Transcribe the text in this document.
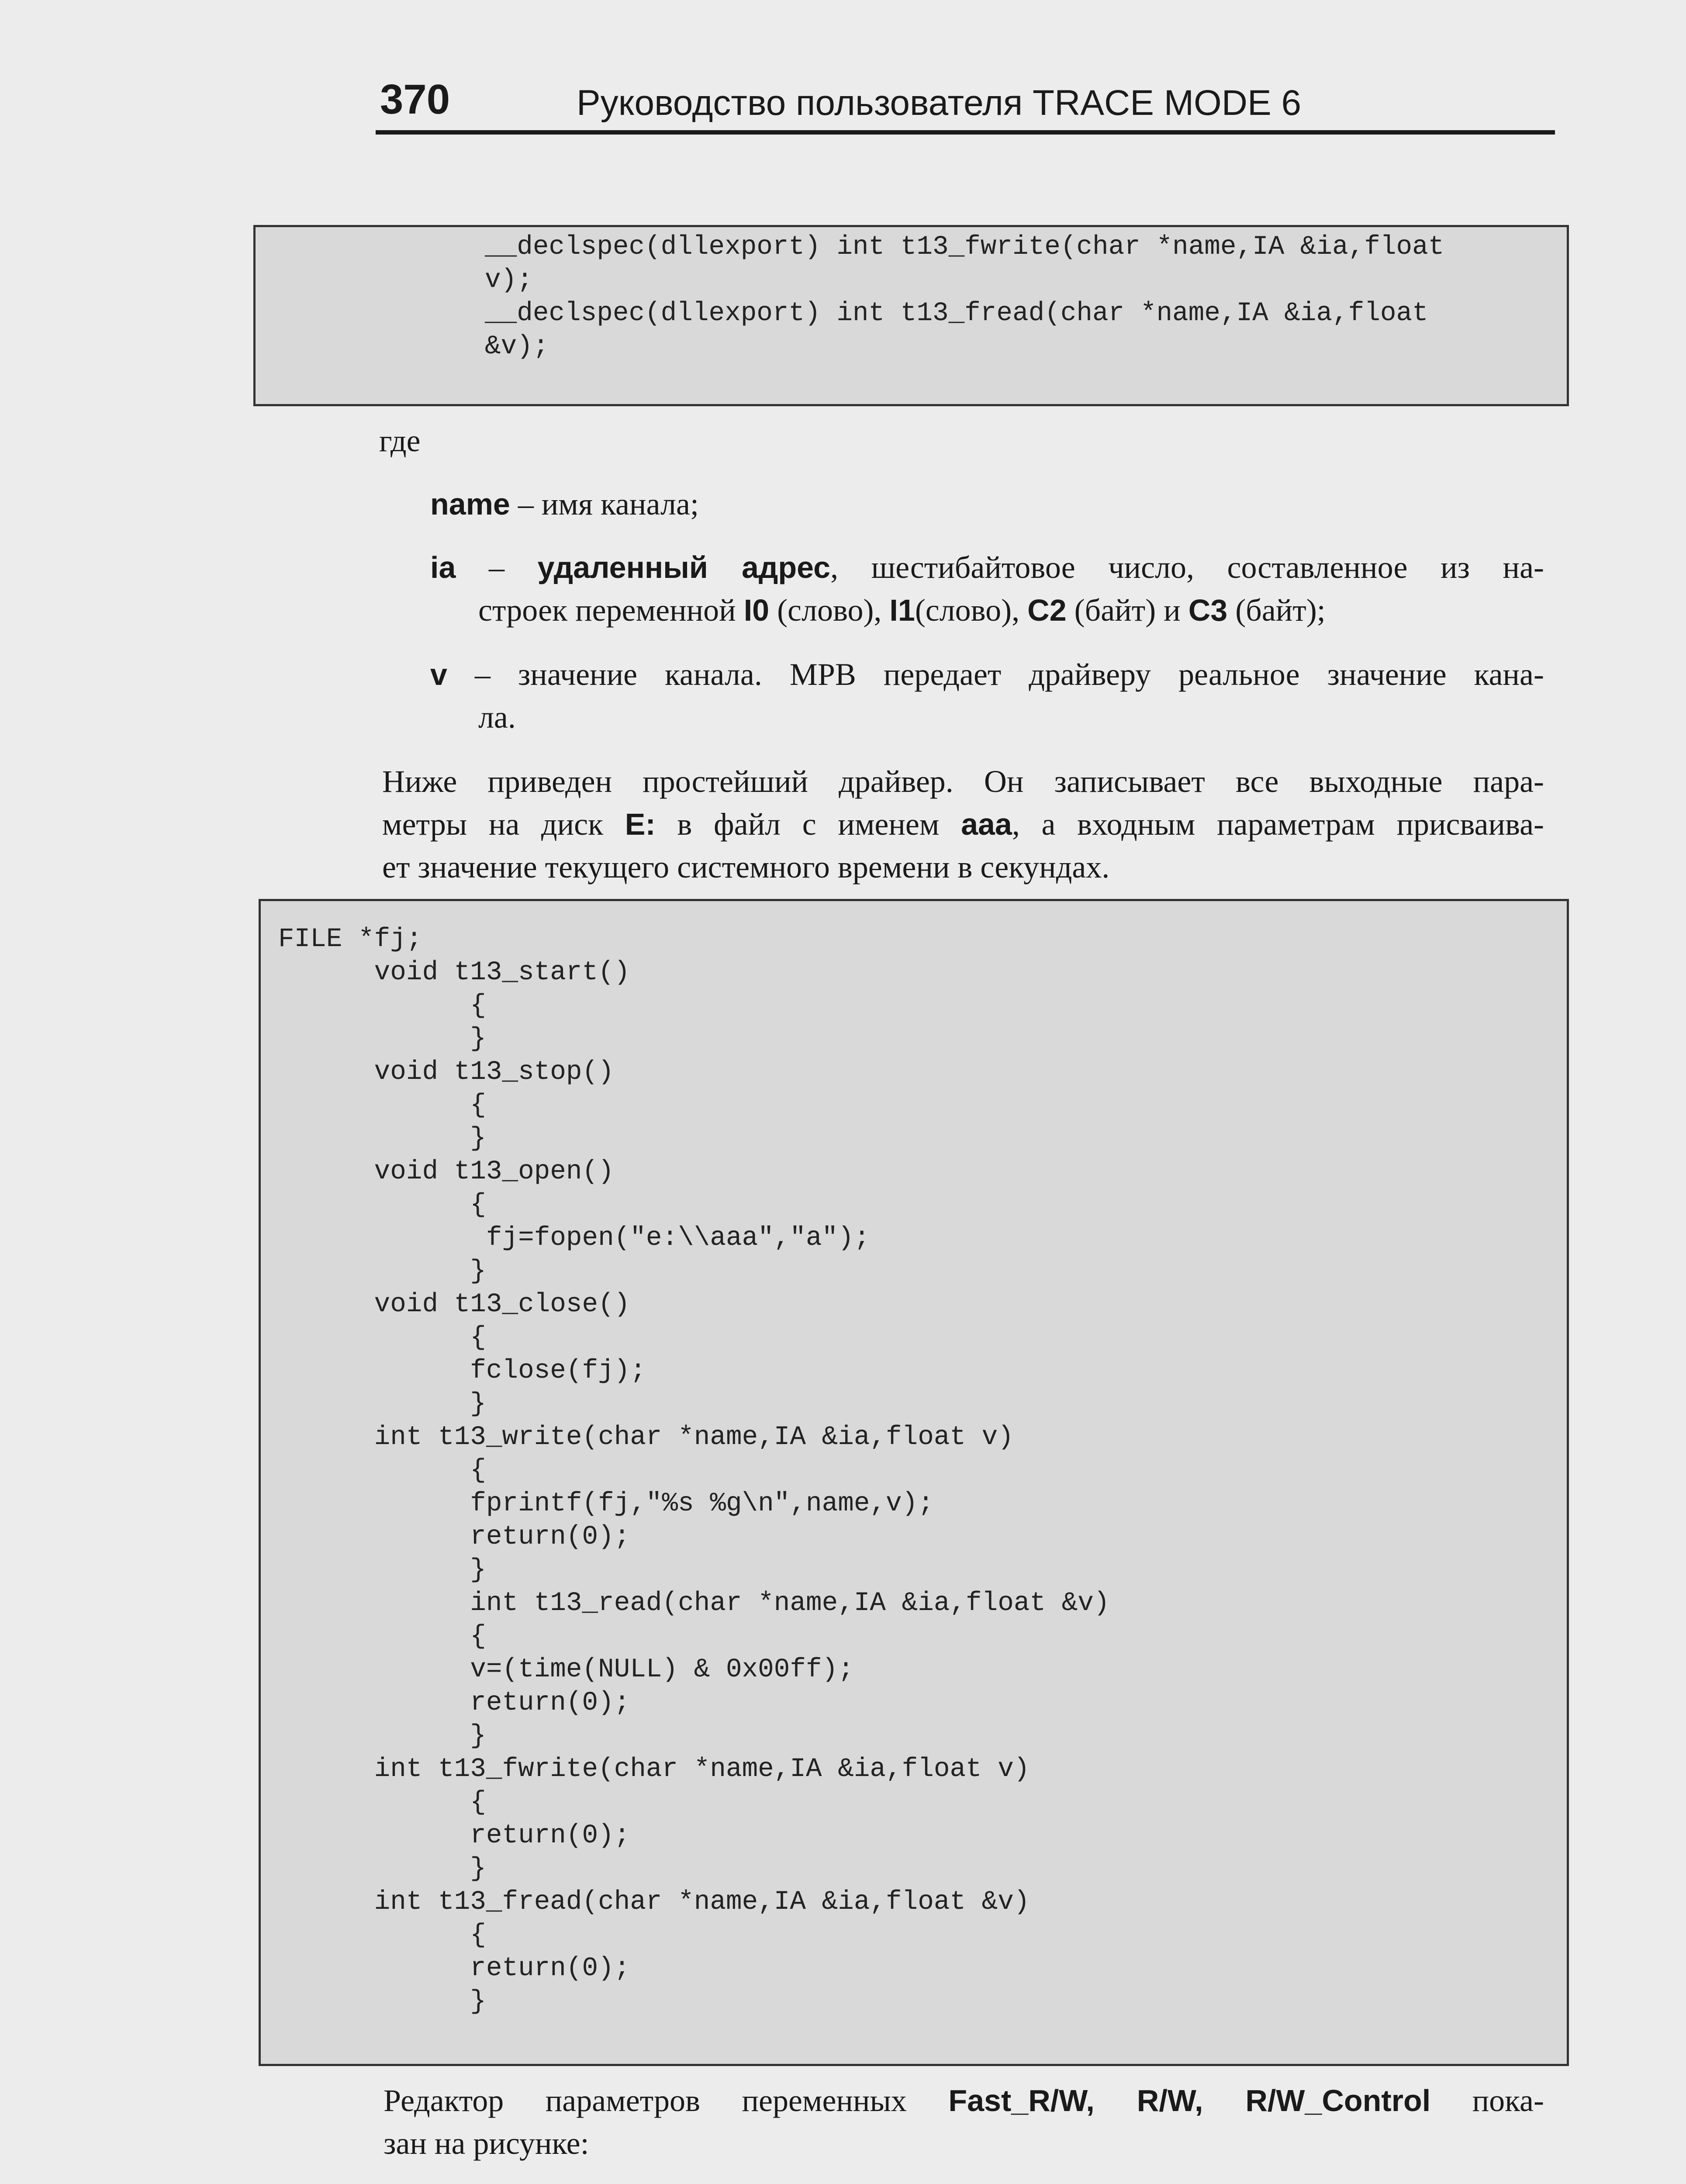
370	Руководство пользователя TRACE MODE 6
__declspec(dllexport) int t13_fwrite(char *name,IA &ia,float
v);
__declspec(dllexport) int t13_fread(char *name,IA &ia,float
&v);
где
name – имя канала;
ia – удаленный адрес, шестибайтовое число, составленное из на-
строек переменной I0 (слово), I1(слово), C2 (байт) и C3 (байт);
v – значение канала. МРВ передает драйверу реальное значение кана-
ла.
Ниже приведен простейший драйвер. Он записывает все выходные пара-
метры на диск E: в файл с именем aaa, а входным параметрам присваива-
ет значение текущего системного времени в секундах.
FILE *fj;
void t13_start()
{
}
void t13_stop()
{
}
void t13_open()
{
fj=fopen("e:\\aaa","a");
}
void t13_close()
{
fclose(fj);
}
int t13_write(char *name,IA &ia,float v)
{
fprintf(fj,"%s %g\n",name,v);
return(0);
}
int t13_read(char *name,IA &ia,float &v)
{
v=(time(NULL) & 0x00ff);
return(0);
}
int t13_fwrite(char *name,IA &ia,float v)
{
return(0);
}
int t13_fread(char *name,IA &ia,float &v)
{
return(0);
}
Редактор параметров переменных Fast_R/W, R/W, R/W_Control пока-
зан на рисунке:
